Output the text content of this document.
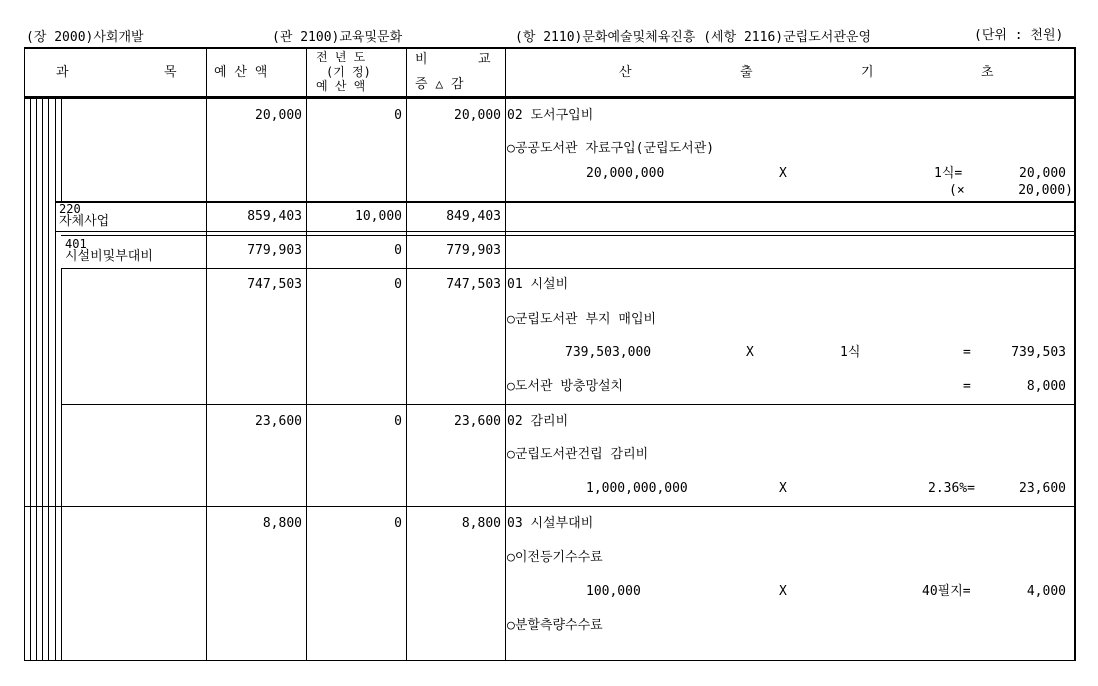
(장 2000)사회개발	(관 2100)교육및문화	(항 2110)문화예술및체육진흥 (세항 2116)군립도서관운영	(단위 : 천원)
과	목	예 산 액
전 년 도
(기 정)
예 산 액
비	교
증 △ 감
산	출	기	초
20,000	0	20,000 02 도서구입비
○공공도서관 자료구입(군립도서관)
20,000,000	X	1식=	20,000
(×	20,000)
220
자체사업	859,403	10,000	849,403
401
시설비및부대비	779,903	0	779,903
747,503	0	747,503 01 시설비
○군립도서관 부지 매입비
739,503,000	X	1식	=	739,503
○도서관 방충망설치	=	8,000
23,600	0	23,600 02 감리비
○군립도서관건립 감리비
1,000,000,000	X	2.36%=	23,600
8,800	0	8,800 03 시설부대비
○이전등기수수료
100,000	X	40필지=	4,000
○분할측량수수료
